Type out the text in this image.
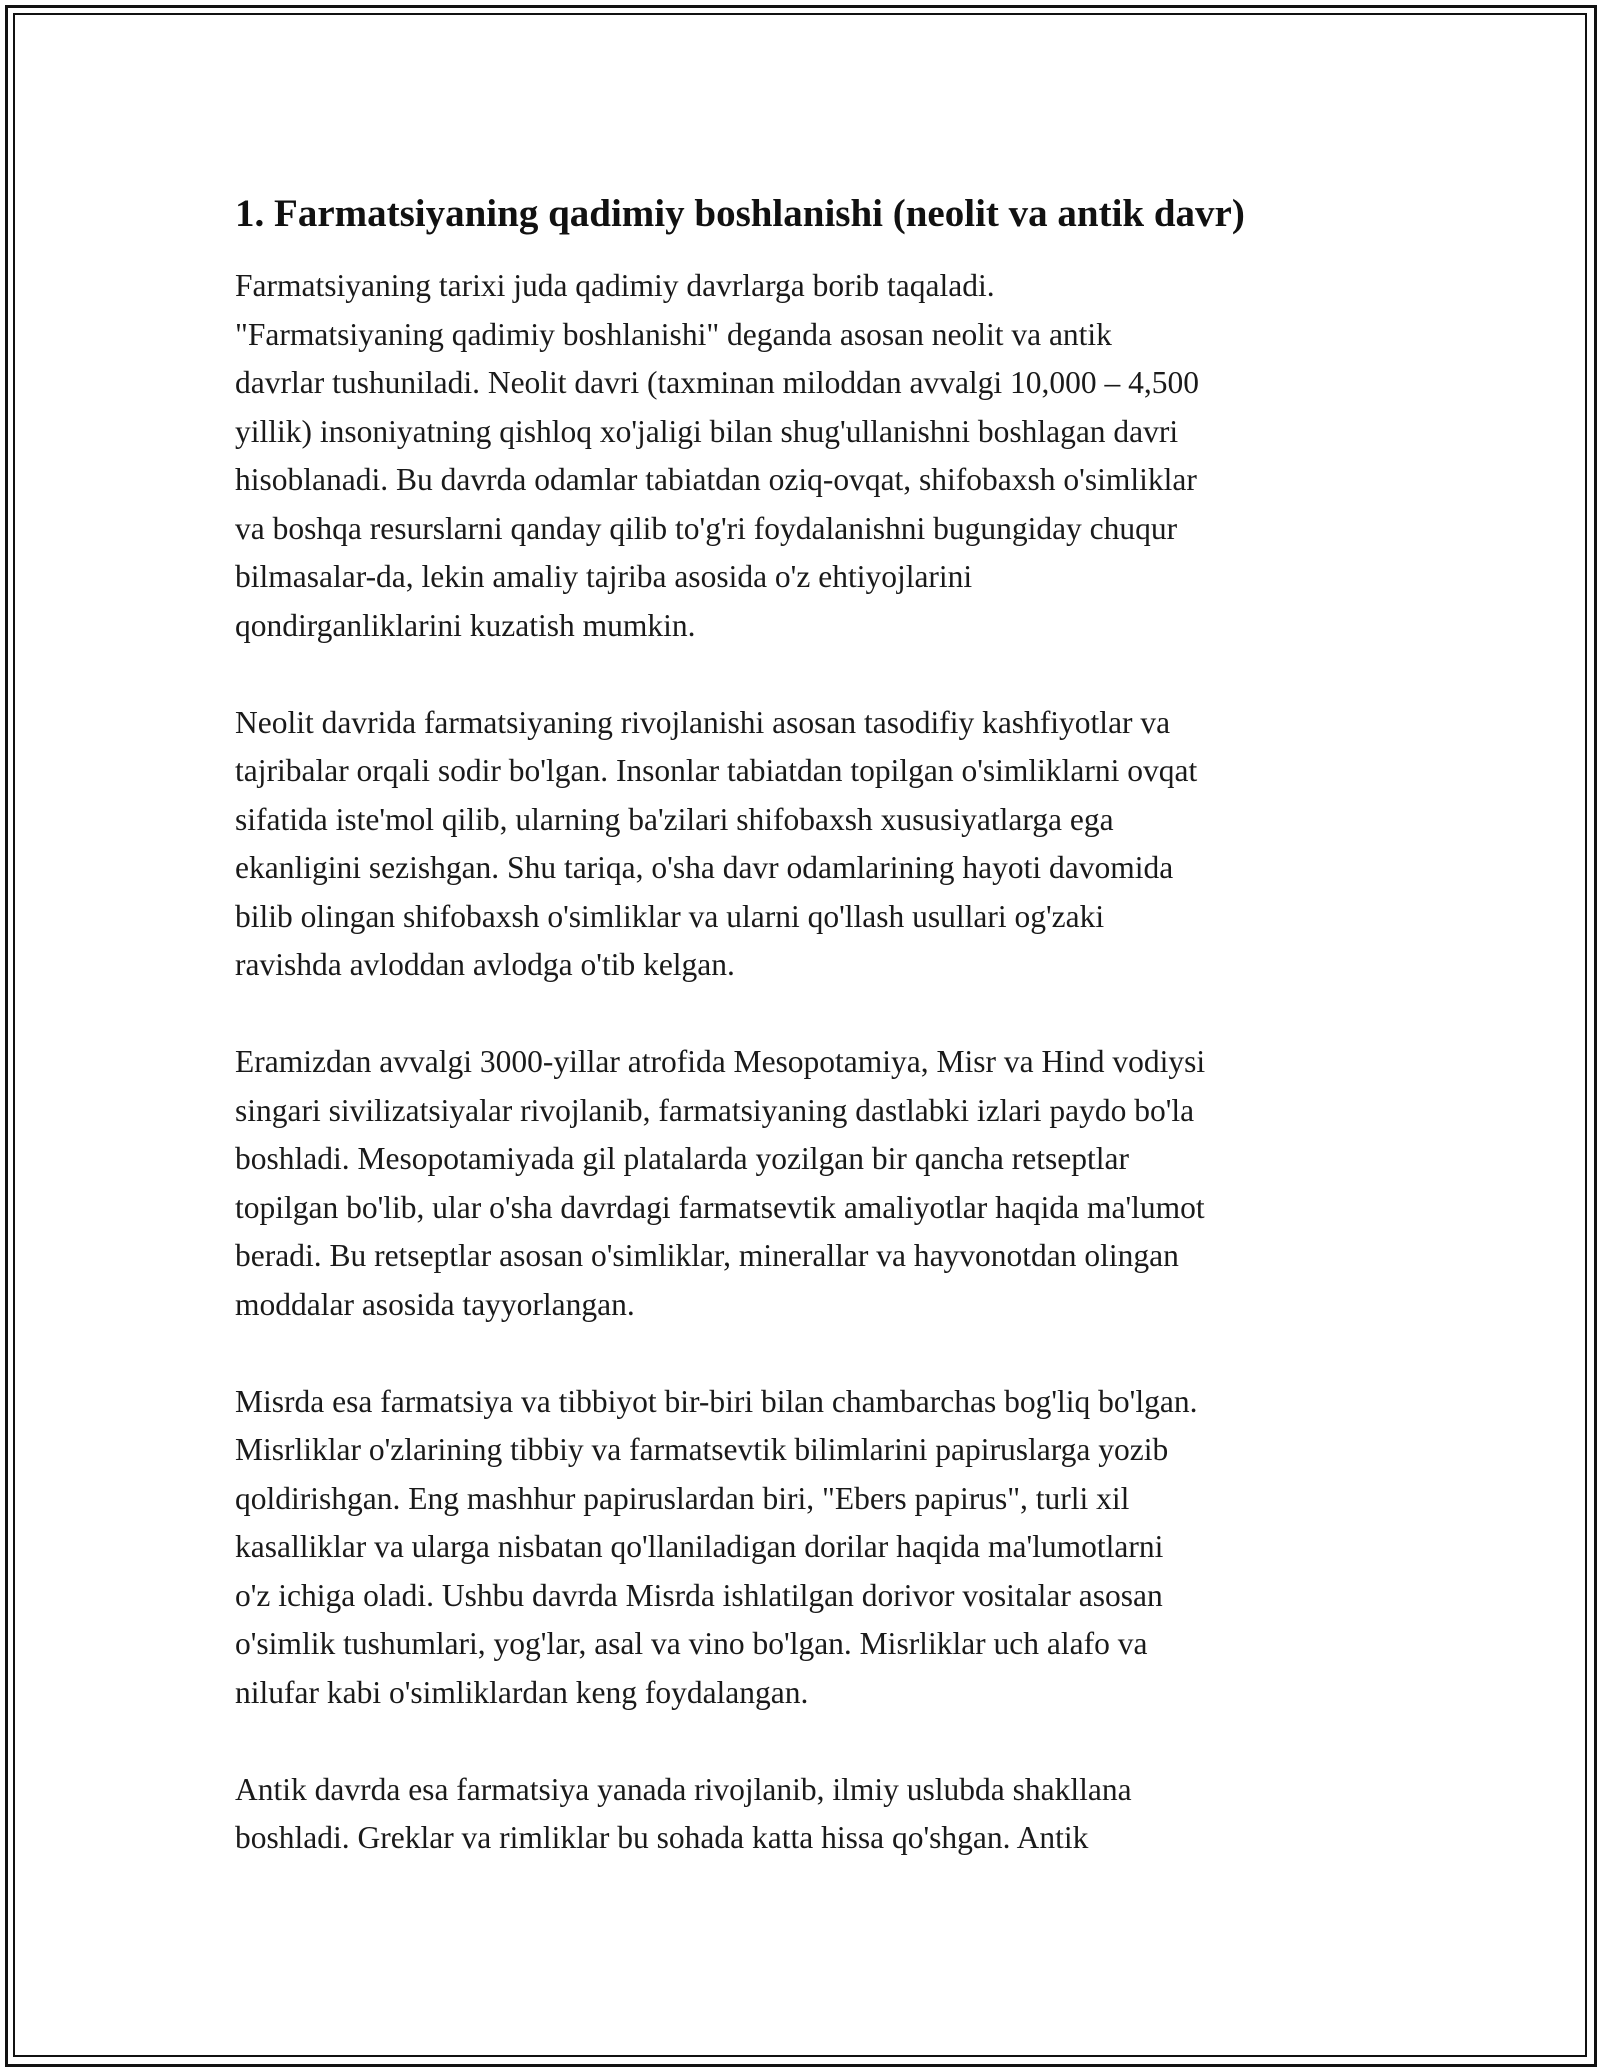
1. Farmatsiyaning qadimiy boshlanishi (neolit va antik davr)
Farmatsiyaning tarixi juda qadimiy davrlarga borib taqaladi.
"Farmatsiyaning qadimiy boshlanishi" deganda asosan neolit va antik
davrlar tushuniladi. Neolit davri (taxminan miloddan avvalgi 10,000 – 4,500
yillik) insoniyatning qishloq xo'jaligi bilan shug'ullanishni boshlagan davri
hisoblanadi. Bu davrda odamlar tabiatdan oziq-ovqat, shifobaxsh o'simliklar
va boshqa resurslarni qanday qilib to'g'ri foydalanishni bugungiday chuqur
bilmasalar-da, lekin amaliy tajriba asosida o'z ehtiyojlarini
qondirganliklarini kuzatish mumkin.
Neolit davrida farmatsiyaning rivojlanishi asosan tasodifiy kashfiyotlar va
tajribalar orqali sodir bo'lgan. Insonlar tabiatdan topilgan o'simliklarni ovqat
sifatida iste'mol qilib, ularning ba'zilari shifobaxsh xususiyatlarga ega
ekanligini sezishgan. Shu tariqa, o'sha davr odamlarining hayoti davomida
bilib olingan shifobaxsh o'simliklar va ularni qo'llash usullari og'zaki
ravishda avloddan avlodga o'tib kelgan.
Eramizdan avvalgi 3000-yillar atrofida Mesopotamiya, Misr va Hind vodiysi
singari sivilizatsiyalar rivojlanib, farmatsiyaning dastlabki izlari paydo bo'la
boshladi. Mesopotamiyada gil platalarda yozilgan bir qancha retseptlar
topilgan bo'lib, ular o'sha davrdagi farmatsevtik amaliyotlar haqida ma'lumot
beradi. Bu retseptlar asosan o'simliklar, minerallar va hayvonotdan olingan
moddalar asosida tayyorlangan.
Misrda esa farmatsiya va tibbiyot bir-biri bilan chambarchas bog'liq bo'lgan.
Misrliklar o'zlarining tibbiy va farmatsevtik bilimlarini papiruslarga yozib
qoldirishgan. Eng mashhur papiruslardan biri, "Ebers papirus", turli xil
kasalliklar va ularga nisbatan qo'llaniladigan dorilar haqida ma'lumotlarni
o'z ichiga oladi. Ushbu davrda Misrda ishlatilgan dorivor vositalar asosan
o'simlik tushumlari, yog'lar, asal va vino bo'lgan. Misrliklar uch alafo va
nilufar kabi o'simliklardan keng foydalangan.
Antik davrda esa farmatsiya yanada rivojlanib, ilmiy uslubda shakllana
boshladi. Greklar va rimliklar bu sohada katta hissa qo'shgan. Antik
